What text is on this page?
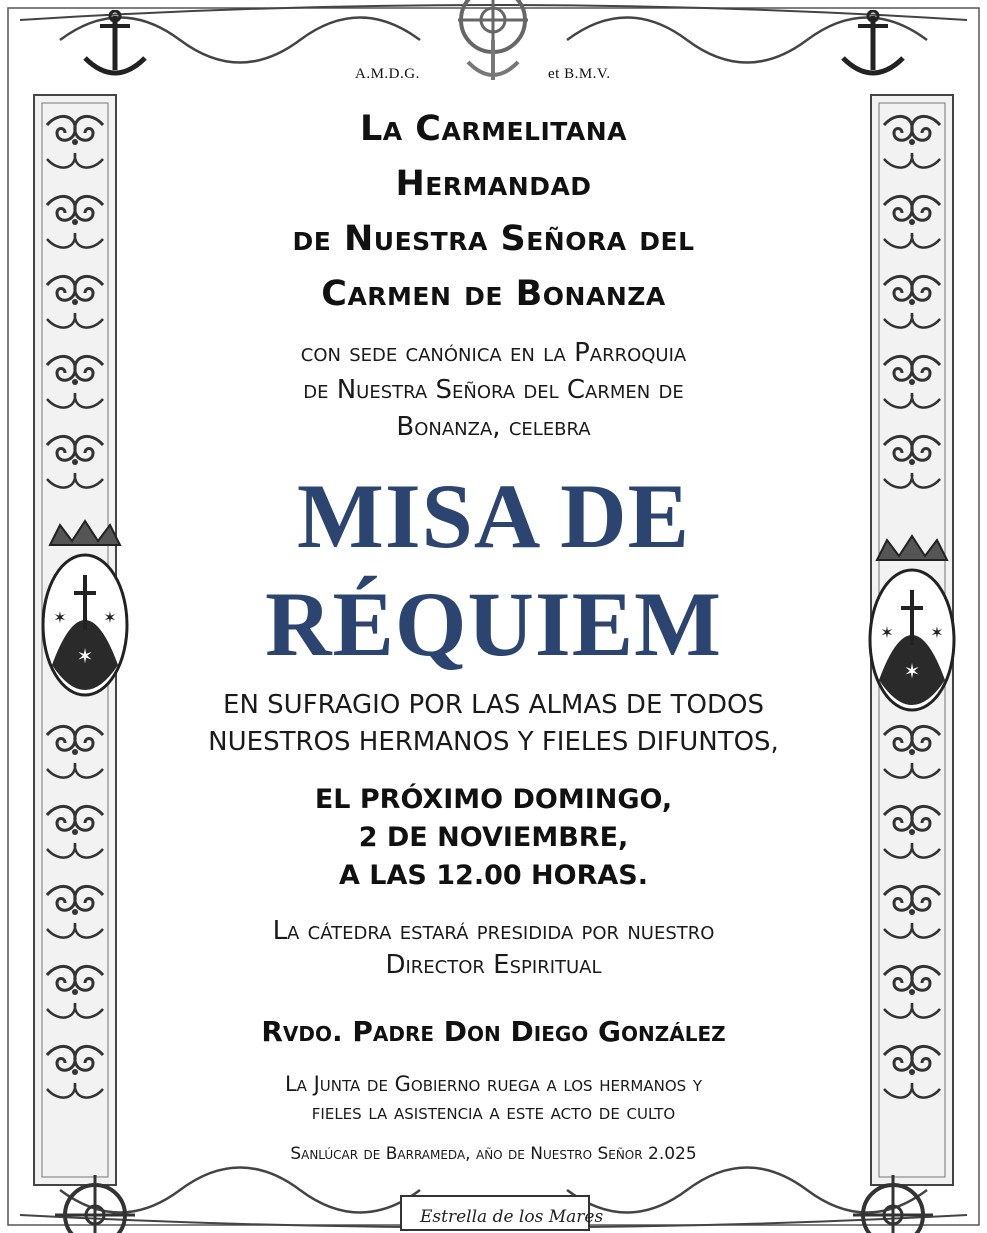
✶
✶ ✶
✶
✶ ✶
Estrella de los Mares
A.M.D.G.	et B.M.V.
La Carmelitana
Hermandad
de Nuestra Señora del
Carmen de Bonanza
con sede canónica en la Parroquia
de Nuestra Señora del Carmen de
Bonanza, celebra
MISA DE
RÉQUIEM
EN SUFRAGIO POR LAS ALMAS DE TODOS
NUESTROS HERMANOS Y FIELES DIFUNTOS,
EL PRÓXIMO DOMINGO,
2 DE NOVIEMBRE,
A LAS 12.00 HORAS.
La cátedra estará presidida por nuestro
Director Espiritual
Rvdo. Padre Don Diego González
La Junta de Gobierno ruega a los hermanos y
fieles la asistencia a este acto de culto
Sanlúcar de Barrameda, año de Nuestro Señor 2.025
